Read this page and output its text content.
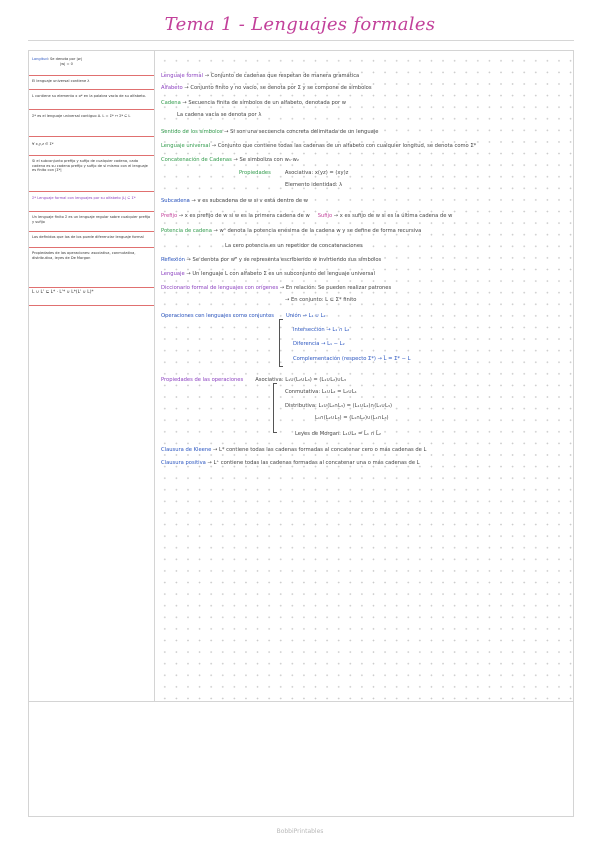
Tema 1 - Lenguajes formales
Longitud: Se denota por |w|
|w| = 0
El lenguaje universal contiene λ
L contiene su elemento x o* en la palabra vacía de su alfabeto.
Σ* es el lenguaje universal contiguo A. L = Σ* ↔ Σ* ⊆ L
∀ x,y,z ∈ Σ*
Si el subconjunto prefijo y sufijo de cualquier cadena, cada cadena es su cadena prefijo y sufijo de sí mismo con el lenguaje es finito con |Σ*|
Σ* Lenguaje formal con lenguajes por su alfabeto |L| ⊆ Σ*
Un lenguaje finito Σ es un lenguaje regular sobre cualquier prefijo y sufijo
Los definidos que los de los puede diferenciar lenguaje formal
Propiedades de las operaciones: asociativa, conmutativa, distributiva, leyes de De Morgan
L ∪ L' ⊆ L* · L'* ∪ L*(L' ∪ L)*
Lenguaje formal → Conjunto de cadenas que respetan de manera gramática
Alfabeto → Conjunto finito y no vacío, se denota por Σ y se compone de símbolos
Cadena → Secuencia finita de símbolos de un alfabeto, denotada por w
La cadena vacía se denota por λ
Sentido de los símbolos → Si son una secuencia concreta delimitada de un lenguaje
Lenguaje universal → Conjunto que contiene todas las cadenas de un alfabeto con cualquier longitud, se denota como Σ*
Concatenación de Cadenas → Se simboliza con w₁·w₂
Propiedades	Asociativa: x(yz) = (xy)z
Elemento identidad: λ
Subcadena → v es subcadena de w si v está dentro de w
Prefijo → x es prefijo de w si w es la primera cadena de w Sufijo → x es sufijo de w si es la última cadena de w
Potencia de cadena → wⁿ denota la potencia enésima de la cadena w y se define de forma recursiva
La cero potencia es un repetidor de concatenaciones
Reflexión → Se denota por wᴿ y se representa escribiendo w invirtiendo sus símbolos
Lenguaje → Un lenguaje L con alfabeto Σ es un subconjunto del lenguaje universal
Diccionario formal de lenguajes con orígenes → En relación: Se pueden realizar patrones
→ En conjunto: L ⊆ Σ* finito
Operaciones con lenguajes como conjuntos Unión → L₁ ∪ L₂
Intersección → L₁ ∩ L₂
Diferencia → L₁ − L₂
Complementación (respecto Σ*) → L̄ = Σ* − L
Propiedades de las operaciones Asociativa: L₁∪(L₂∪L₃) = (L₁∪L₂)∪L₃
Conmutativa: L₁∪L₂ = L₂∪L₁
Distributiva: L₁∪(L₂∩L₃) = (L₁∪L₂)∩(L₁∪L₃)
L₁∩(L₂∪L₃) = (L₁∩L₂)∪(L₁∩L₃)
Leyes de Morgan: L₁∪L₂ = L̄₁ ∩ L̄₂
Clausura de Kleene → L* contiene todas las cadenas formadas al concatenar cero o más cadenas de L
Clausura positiva → L⁺ contiene todas las cadenas formadas al concatenar una o más cadenas de L
BobbiPrintables
